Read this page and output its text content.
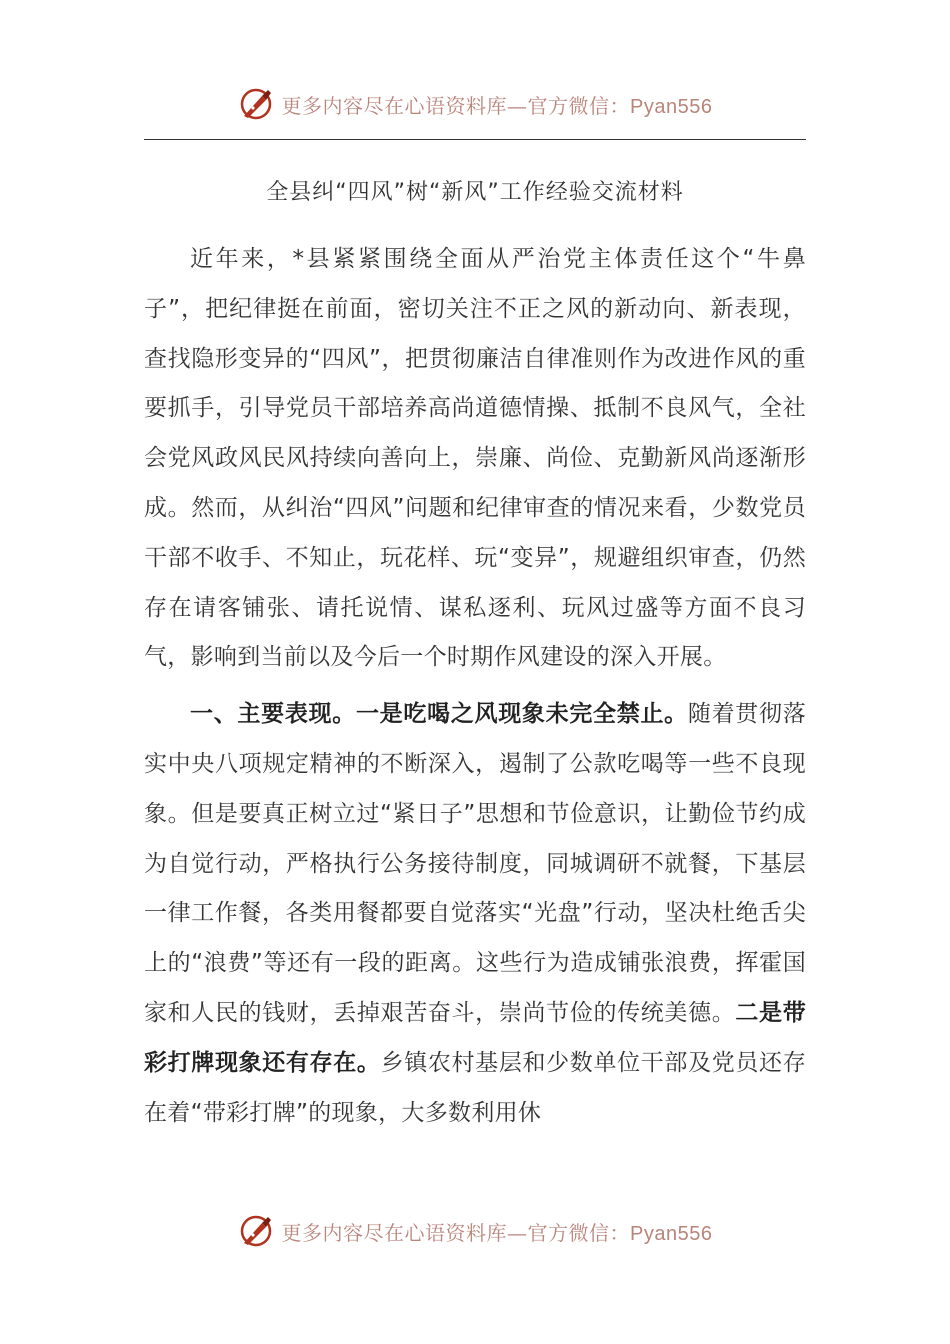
更多内容尽在心语资料库—官方微信：Pyan556
全县纠“四风”树“新风”工作经验交流材料

近年来，*县紧紧围绕全面从严治党主体责任这个“牛鼻子”，把纪律挺在前面，密切关注不正之风的新动向、新表现，查找隐形变异的“四风”，把贯彻廉洁自律准则作为改进作风的重要抓手，引导党员干部培养高尚道德情操、抵制不良风气，全社会党风政风民风持续向善向上，崇廉、尚俭、克勤新风尚逐渐形成。然而，从纠治“四风”问题和纪律审查的情况来看，少数党员干部不收手、不知止，玩花样、玩“变异”，规避组织审查，仍然存在请客铺张、请托说情、谋私逐利、玩风过盛等方面不良习气，影响到当前以及今后一个时期作风建设的深入开展。

一、主要表现。一是吃喝之风现象未完全禁止。随着贯彻落实中央八项规定精神的不断深入，遏制了公款吃喝等一些不良现象。但是要真正树立过“紧日子”思想和节俭意识，让勤俭节约成为自觉行动，严格执行公务接待制度，同城调研不就餐，下基层一律工作餐，各类用餐都要自觉落实“光盘”行动，坚决杜绝舌尖上的“浪费”等还有一段的距离。这些行为造成铺张浪费，挥霍国家和人民的钱财，丢掉艰苦奋斗，崇尚节俭的传统美德。二是带彩打牌现象还有存在。乡镇农村基层和少数单位干部及党员还存在着“带彩打牌”的现象，大多数利用休

更多内容尽在心语资料库—官方微信：Pyan556
